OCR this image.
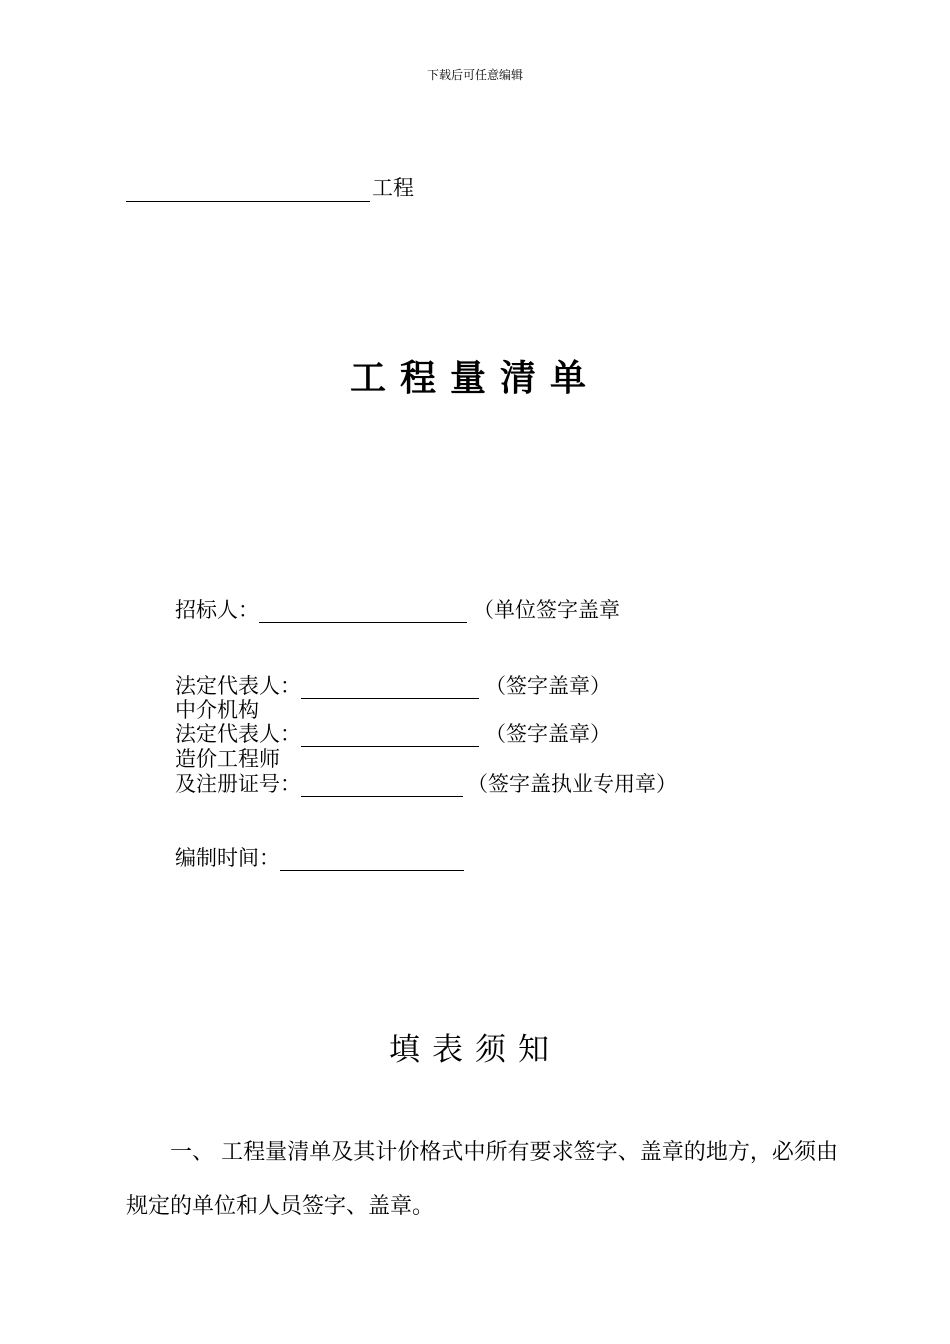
下载后可任意编辑
工程
工程量清单
招标人：	（单位签字盖章
法定代表人：	（签字盖章）
中介机构
法定代表人：	（签字盖章）
造价工程师
及注册证号：	（签字盖执业专用章）
编制时间：
填表须知
一、 工程量清单及其计价格式中所有要求签字、盖章的地方，必须由规定的单位和人员签字、盖章。
